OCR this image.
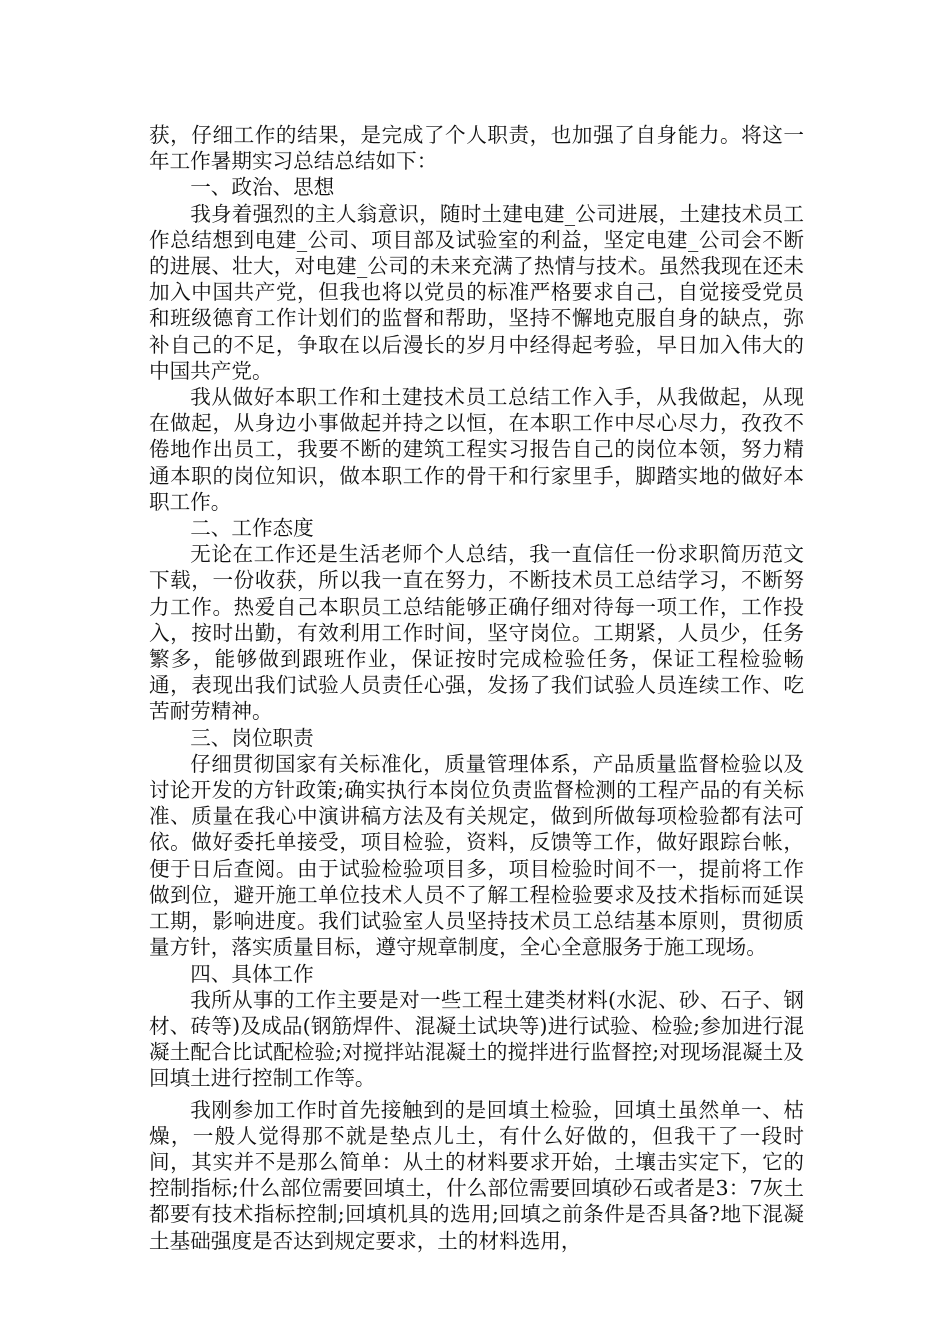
获，仔细工作的结果，是完成了个人职责，也加强了自身能力。将这一年工作暑期实习总结总结如下：

一、政治、思想

我身着强烈的主人翁意识，随时土建电建_公司进展，土建技术员工作总结想到电建_公司、项目部及试验室的利益，坚定电建_公司会不断的进展、壮大，对电建_公司的未来充满了热情与技术。虽然我现在还未加入中国共产党，但我也将以党员的标准严格要求自己，自觉接受党员和班级德育工作计划们的监督和帮助，坚持不懈地克服自身的缺点，弥补自己的不足，争取在以后漫长的岁月中经得起考验，早日加入伟大的中国共产党。

我从做好本职工作和土建技术员工总结工作入手，从我做起，从现在做起，从身边小事做起并持之以恒，在本职工作中尽心尽力，孜孜不倦地作出员工，我要不断的建筑工程实习报告自己的岗位本领，努力精通本职的岗位知识，做本职工作的骨干和行家里手，脚踏实地的做好本职工作。

二、工作态度

无论在工作还是生活老师个人总结，我一直信任一份求职简历范文下载，一份收获，所以我一直在努力，不断技术员工总结学习，不断努力工作。热爱自己本职员工总结能够正确仔细对待每一项工作，工作投入，按时出勤，有效利用工作时间，坚守岗位。工期紧，人员少，任务繁多，能够做到跟班作业，保证按时完成检验任务，保证工程检验畅通，表现出我们试验人员责任心强，发扬了我们试验人员连续工作、吃苦耐劳精神。

三、岗位职责

仔细贯彻国家有关标准化，质量管理体系，产品质量监督检验以及讨论开发的方针政策;确实执行本岗位负责监督检测的工程产品的有关标准、质量在我心中演讲稿方法及有关规定，做到所做每项检验都有法可依。做好委托单接受，项目检验，资料，反馈等工作，做好跟踪台帐，便于日后查阅。由于试验检验项目多，项目检验时间不一，提前将工作做到位，避开施工单位技术人员不了解工程检验要求及技术指标而延误工期，影响进度。我们试验室人员坚持技术员工总结基本原则，贯彻质量方针，落实质量目标，遵守规章制度，全心全意服务于施工现场。

四、具体工作

我所从事的工作主要是对一些工程土建类材料(水泥、砂、石子、钢材、砖等)及成品(钢筋焊件、混凝土试块等)进行试验、检验;参加进行混凝土配合比试配检验;对搅拌站混凝土的搅拌进行监督控;对现场混凝土及回填土进行控制工作等。

我刚参加工作时首先接触到的是回填土检验，回填土虽然单一、枯燥，一般人觉得那不就是垫点儿土，有什么好做的，但我干了一段时间，其实并不是那么简单：从土的材料要求开始，土壤击实定下，它的控制指标;什么部位需要回填土，什么部位需要回填砂石或者是3：7灰土都要有技术指标控制;回填机具的选用;回填之前条件是否具备?地下混凝土基础强度是否达到规定要求，土的材料选用，
